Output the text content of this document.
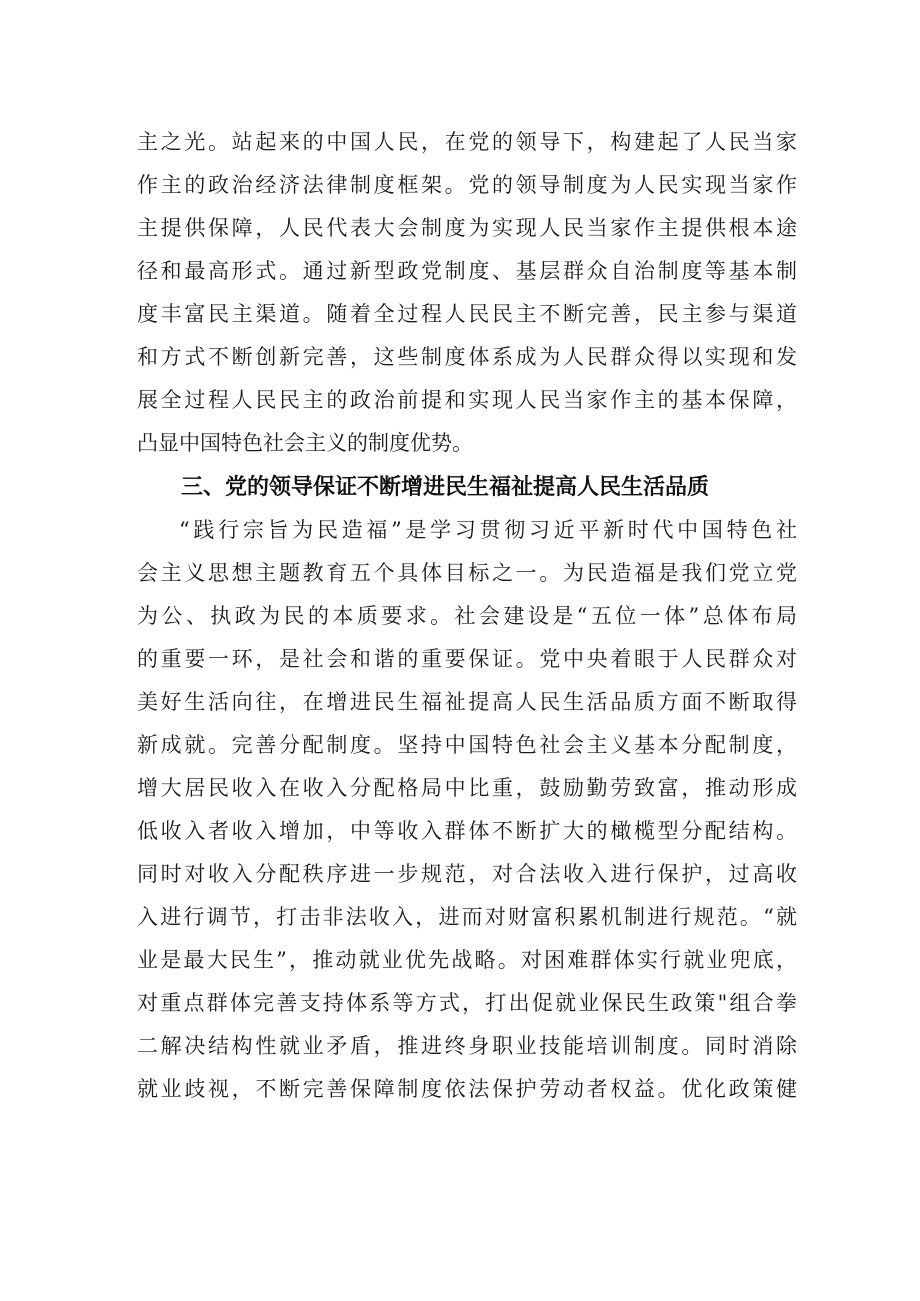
主之光。站起来的中国人民，在党的领导下，构建起了人民当家
作主的政治经济法律制度框架。党的领导制度为人民实现当家作
主提供保障，人民代表大会制度为实现人民当家作主提供根本途
径和最高形式。通过新型政党制度、基层群众自治制度等基本制
度丰富民主渠道。随着全过程人民民主不断完善，民主参与渠道
和方式不断创新完善，这些制度体系成为人民群众得以实现和发
展全过程人民民主的政治前提和实现人民当家作主的基本保障，
凸显中国特色社会主义的制度优势。
三、党的领导保证不断增进民生福祉提高人民生活品质
“践行宗旨为民造福”是学习贯彻习近平新时代中国特色社
会主义思想主题教育五个具体目标之一。为民造福是我们党立党
为公、执政为民的本质要求。社会建设是“五位一体”总体布局
的重要一环，是社会和谐的重要保证。党中央着眼于人民群众对
美好生活向往，在增进民生福祉提高人民生活品质方面不断取得
新成就。完善分配制度。坚持中国特色社会主义基本分配制度，
增大居民收入在收入分配格局中比重，鼓励勤劳致富，推动形成
低收入者收入增加，中等收入群体不断扩大的橄榄型分配结构。
同时对收入分配秩序进一步规范，对合法收入进行保护，过高收
入进行调节，打击非法收入，进而对财富积累机制进行规范。“就
业是最大民生”，推动就业优先战略。对困难群体实行就业兜底，
对重点群体完善支持体系等方式，打出促就业保民生政策"组合拳
二解决结构性就业矛盾，推进终身职业技能培训制度。同时消除
就业歧视，不断完善保障制度依法保护劳动者权益。优化政策健
